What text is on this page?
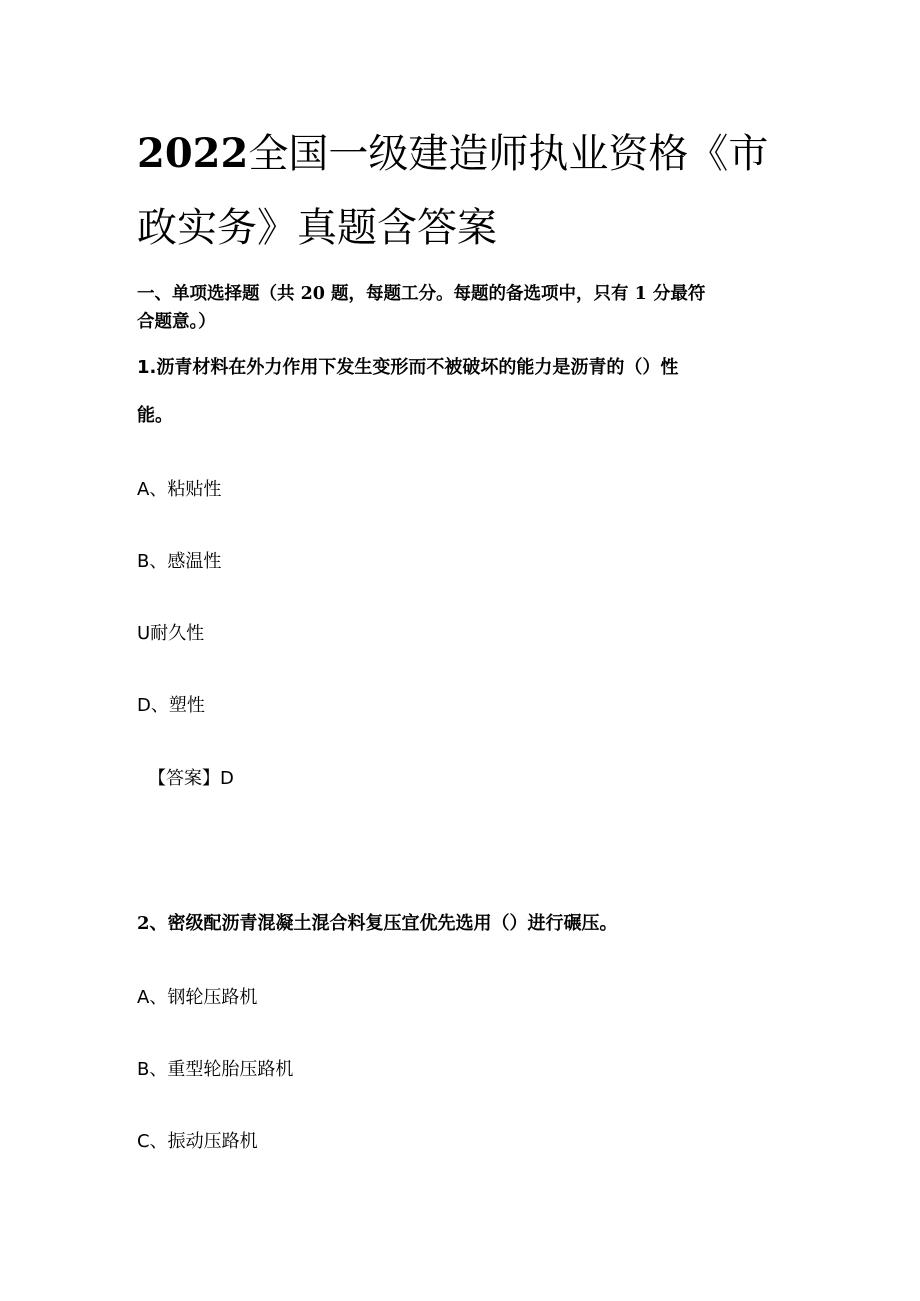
2022全国一级建造师执业资格《市
政实务》真题含答案

一、单项选择题（共 20 题，每题工分。每题的备选项中，只有 1 分最符

合题意。）

1.沥青材料在外力作用下发生变形而不被破坏的能力是沥青的（）性

能。

A、粘贴性

B、感温性

U耐久性

D、塑性

【答案】D

2、密级配沥青混凝土混合料复压宜优先选用（）进行碾压。

A、钢轮压路机

B、重型轮胎压路机

C、振动压路机
